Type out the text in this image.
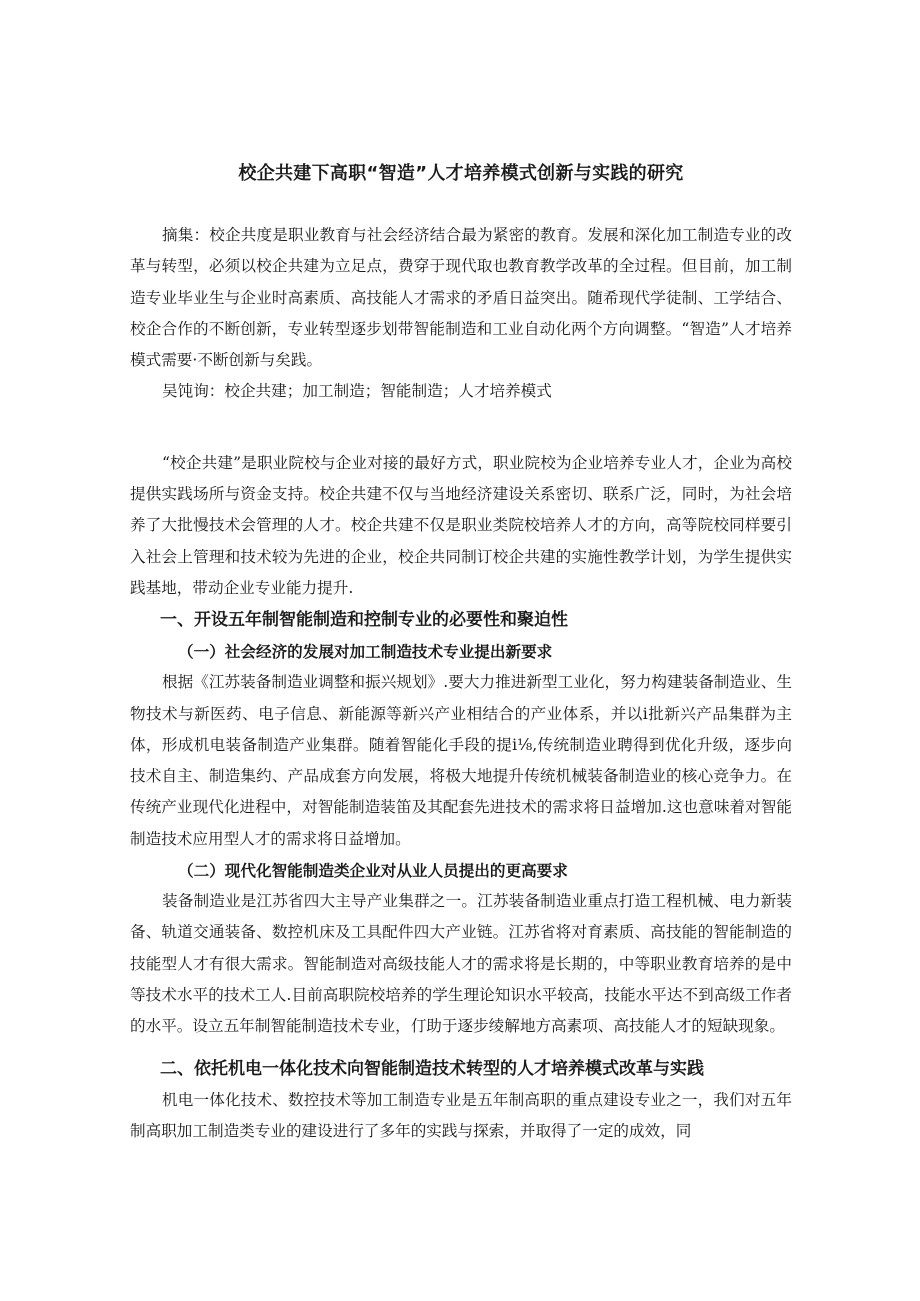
校企共建下高职“智造”人才培养模式创新与实践的研究

摘集：校企共度是职业教育与社会经济结合最为紧密的教育。发展和深化加工制造专业的改革与转型，必须以校企共建为立足点，费穿于现代取也教育教学改革的全过程。但目前，加工制造专业毕业生与企业时高素质、高技能人才需求的矛盾日益突出。随希现代学徒制、工学结合、校企合作的不断创新，专业转型逐步划带智能制造和工业自动化两个方向调整。“智造”人才培养模式需要·不断创新与矣践。

吴饨询：校企共建；加工制造；智能制造；人才培养模式

“校企共建”是职业院校与企业对接的最好方式，职业院校为企业培养专业人才，企业为高校提供实践场所与资金支持。校企共建不仅与当地经济建设关系密切、联系广泛，同时，为社会培养了大批慢技术会管理的人才。校企共建不仅是职业类院校培养人才的方向，高等院校同样要引入社会上管理和技术较为先进的企业，校企共同制订校企共建的实施性教学计划，为学生提供实践基地，带动企业专业能力提升.

一、开设五年制智能制造和控制专业的必要性和聚迫性
（一）社会经济的发展对加工制造技术专业提出新要求

根据《江苏装备制造业调整和振兴规划》.要大力推进新型工业化，努力构建装备制造业、生物技术与新医药、电子信息、新能源等新兴产业相结合的产业体系，并以i批新兴产品集群为主体，形成机电装备制造产业集群。随着智能化手段的提i⅛,传统制造业聘得到优化升级，逐步向技术自主、制造集约、产品成套方向发展，将极大地提升传统机械装备制造业的核心竞争力。在传统产业现代化进程中，对智能制造装笛及其配套先进技术的需求将日益增加.这也意味着对智能制造技术应用型人才的需求将日益增加。

（二）现代化智能制造类企业对从业人员提出的更高要求

装备制造业是江苏省四大主导产业集群之一。江苏装备制造业重点打造工程机械、电力新装备、轨道交通装备、数控机床及工具配件四大产业链。江苏省将对育素质、高技能的智能制造的技能型人才有很大需求。智能制造对高级技能人才的需求将是长期的，中等职业教育培养的是中等技术水平的技术工人.目前高职院校培养的学生理论知识水平较高，技能水平达不到高级工作者的水平。设立五年制智能制造技术专业，仃助于逐步绫解地方高素项、高技能人才的短缺现象。

二、依托机电一体化技术向智能制造技术转型的人才培养模式改革与实践

机电一体化技术、数控技术等加工制造专业是五年制高职的重点建设专业之一，我们对五年制高职加工制造类专业的建设进行了多年的实践与探索，并取得了一定的成效，同
